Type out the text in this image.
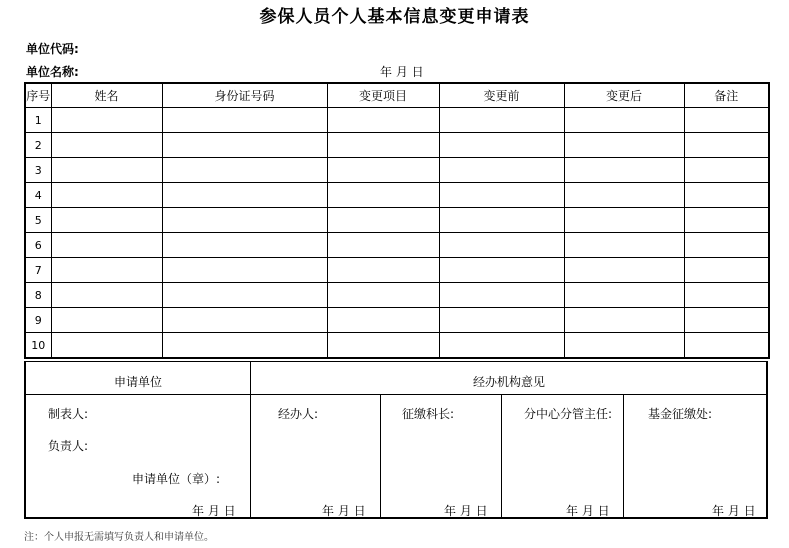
参保人员个人基本信息变更申请表
单位代码:
单位名称:	年 月 日
序号	姓名	身份证号码	变更项目	变更前	变更后	备注
1						
2						
3						
4						
5						
6						
7						
8						
9						
10						
申请单位	经办机构意见
制表人:
负责人:
申请单位（章）:
经办人:	征缴科长:	分中心分管主任:	基金征缴处:
年 月 日	年 月 日	年 月 日	年 月 日	年 月 日
注：个人申报无需填写负责人和申请单位。
